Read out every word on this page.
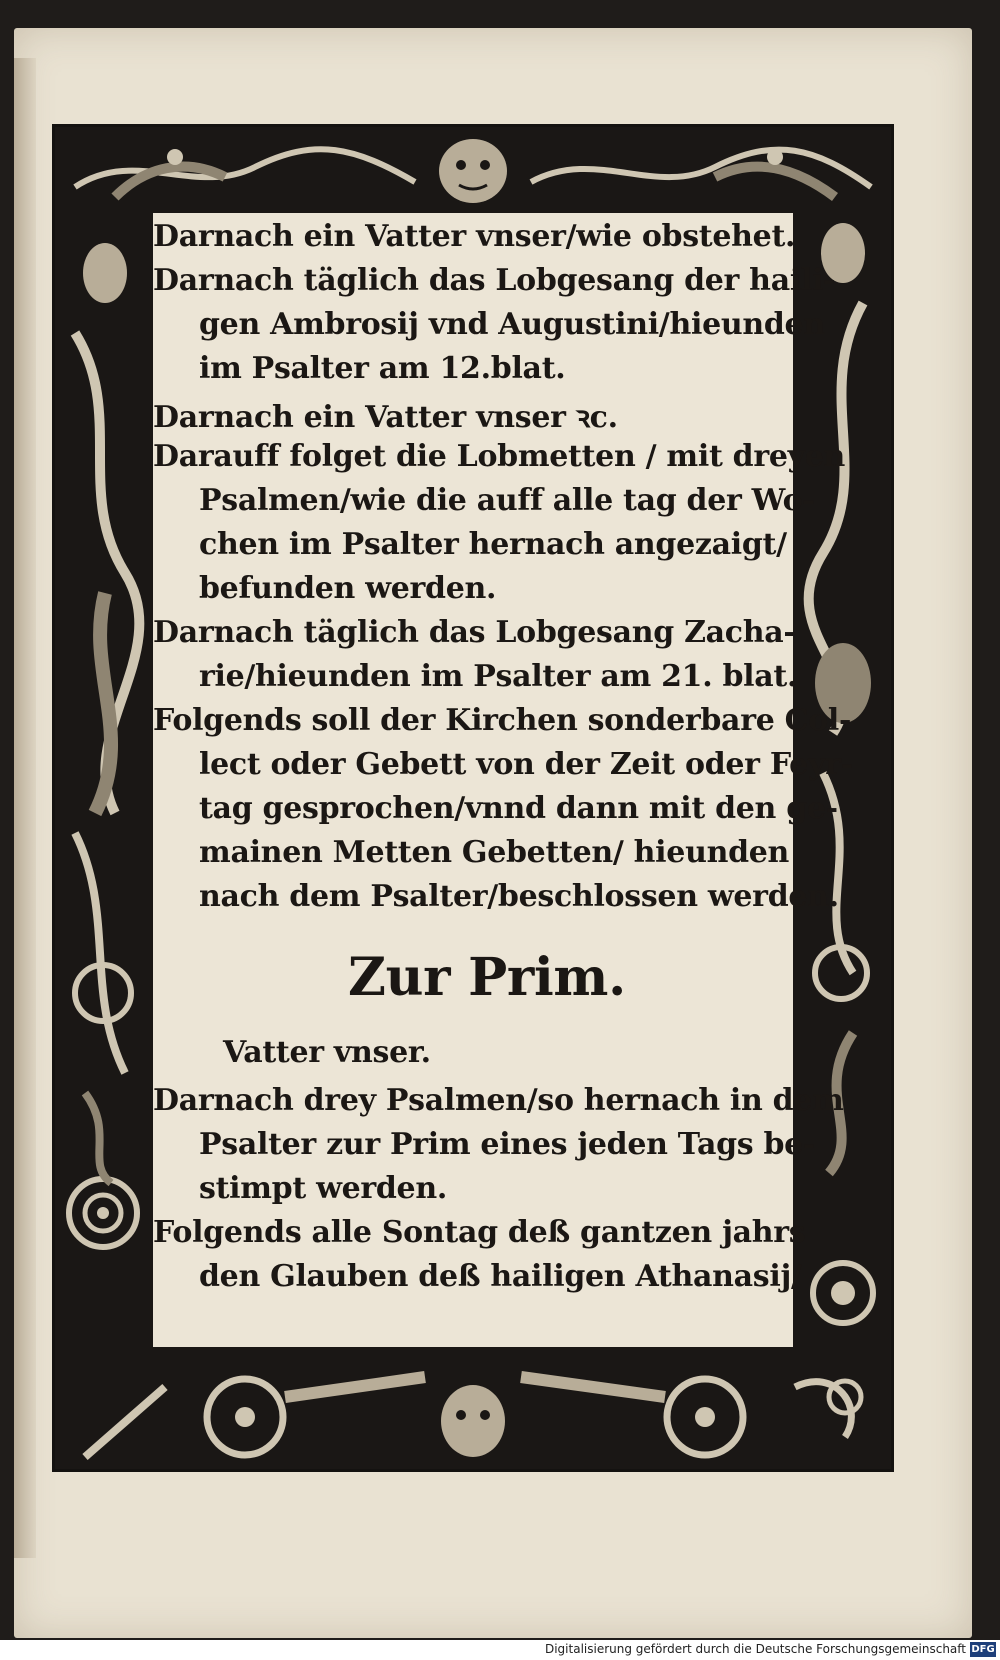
Darnach ein Vatter vnser/wie obstehet.
Darnach täglich das Lobgesang der haili-
gen Ambrosij vnd Augustini/hieunden
im Psalter am 12.blat.
Darnach ein Vatter vnser ꝛc.
Darauff folget die Lobmetten / mit dreyen
Psalmen/wie die auff alle tag der Wo-
chen im Psalter hernach angezaigt/
befunden werden.
Darnach täglich das Lobgesang Zacha-
rie/hieunden im Psalter am 21. blat.
Folgends soll der Kirchen sonderbare Col-
lect oder Gebett von der Zeit oder Feyr-
tag gesprochen/vnnd dann mit den ge-
mainen Metten Gebetten/ hieunden
nach dem Psalter/beschlossen werden.
Zur Prim.
Vatter vnser.
Darnach drey Psalmen/so hernach in dem
Psalter zur Prim eines jeden Tags be-
stimpt werden.
Folgends alle Sontag deß gantzen jahrs
den Glauben deß hailigen Athanasij/
Digitalisierung gefördert durch die Deutsche Forschungsgemeinschaft DFG
